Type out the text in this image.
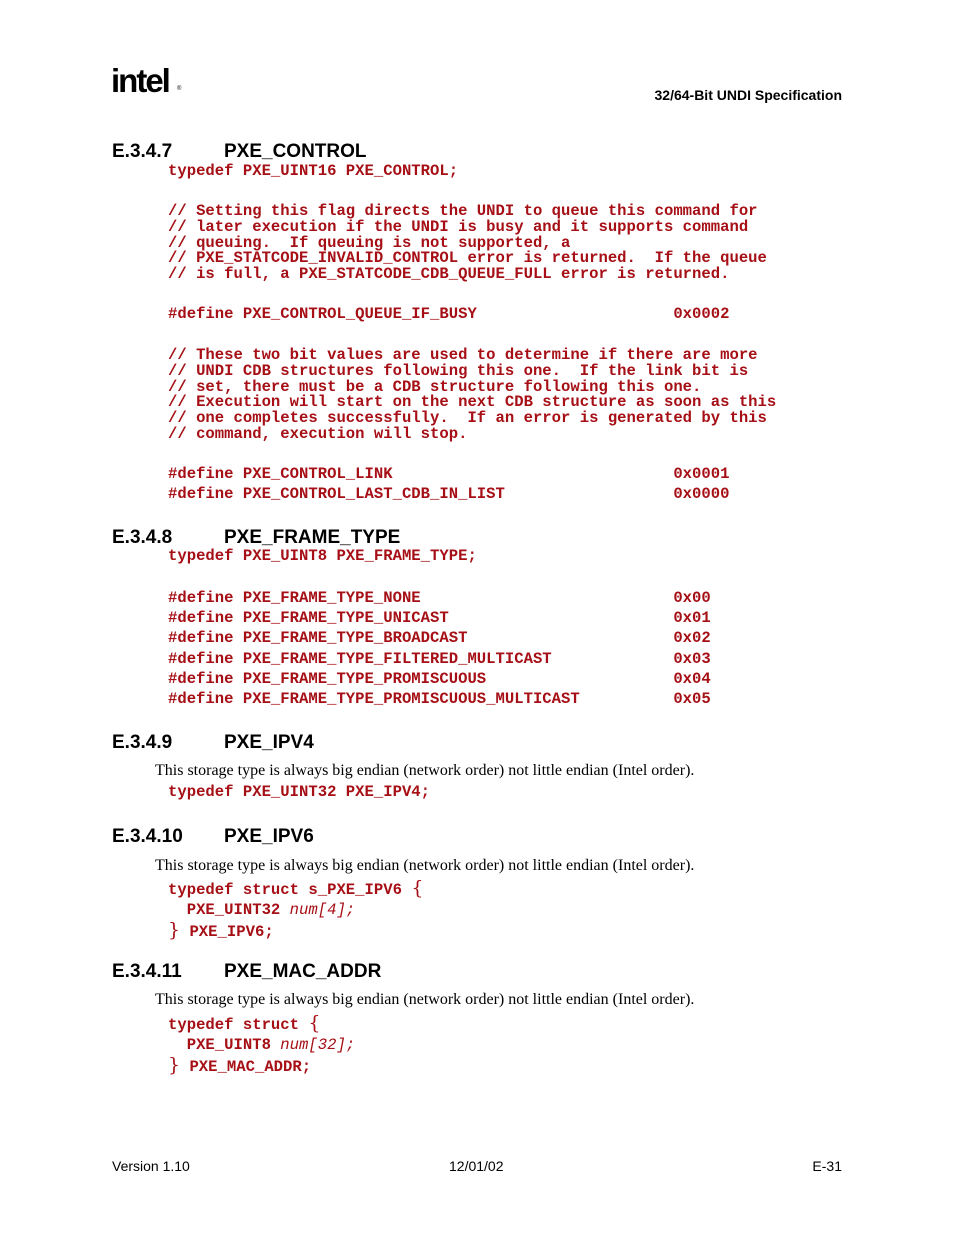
intel ®	32/64-Bit UNDI Specification
E.3.4.7	PXE_CONTROL
typedef PXE_UINT16 PXE_CONTROL;
// Setting this flag directs the UNDI to queue this command for
// later execution if the UNDI is busy and it supports command
// queuing.  If queuing is not supported, a
// PXE_STATCODE_INVALID_CONTROL error is returned.  If the queue
// is full, a PXE_STATCODE_CDB_QUEUE_FULL error is returned.
#define PXE_CONTROL_QUEUE_IF_BUSY                     0x0002
// These two bit values are used to determine if there are more
// UNDI CDB structures following this one.  If the link bit is
// set, there must be a CDB structure following this one.
// Execution will start on the next CDB structure as soon as this
// one completes successfully.  If an error is generated by this
// command, execution will stop.
#define PXE_CONTROL_LINK                              0x0001
#define PXE_CONTROL_LAST_CDB_IN_LIST                  0x0000
E.3.4.8	PXE_FRAME_TYPE
typedef PXE_UINT8 PXE_FRAME_TYPE;
#define PXE_FRAME_TYPE_NONE                           0x00
#define PXE_FRAME_TYPE_UNICAST                        0x01
#define PXE_FRAME_TYPE_BROADCAST                      0x02
#define PXE_FRAME_TYPE_FILTERED_MULTICAST             0x03
#define PXE_FRAME_TYPE_PROMISCUOUS                    0x04
#define PXE_FRAME_TYPE_PROMISCUOUS_MULTICAST          0x05
E.3.4.9	PXE_IPV4

This storage type is always big endian (network order) not little endian (Intel order).

typedef PXE_UINT32 PXE_IPV4;
E.3.4.10 PXE_IPV6

This storage type is always big endian (network order) not little endian (Intel order).

typedef struct s_PXE_IPV6 {
PXE_UINT32 num[4];
} PXE_IPV6;
E.3.4.11 PXE_MAC_ADDR

This storage type is always big endian (network order) not little endian (Intel order).

typedef struct {
PXE_UINT8 num[32];
} PXE_MAC_ADDR;
Version 1.10	12/01/02	E-31
